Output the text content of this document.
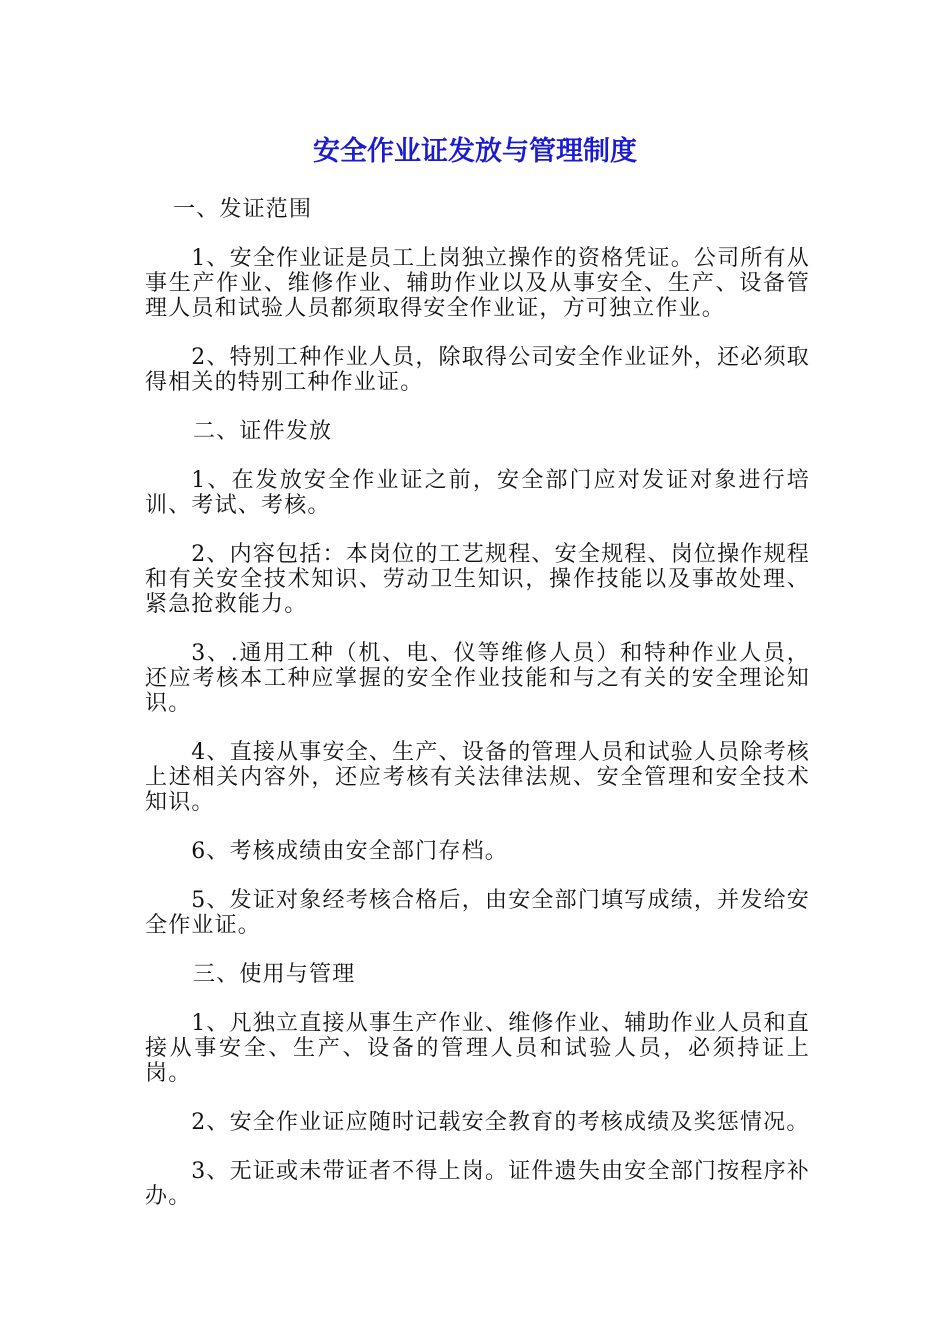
安全作业证发放与管理制度

一、发证范围

1、安全作业证是员工上岗独立操作的资格凭证。公司所有从事生产作业、维修作业、辅助作业以及从事安全、生产、设备管理人员和试验人员都须取得安全作业证，方可独立作业。

2、特别工种作业人员，除取得公司安全作业证外，还必须取得相关的特别工种作业证。

二、证件发放

1、在发放安全作业证之前，安全部门应对发证对象进行培训、考试、考核。

2、内容包括：本岗位的工艺规程、安全规程、岗位操作规程和有关安全技术知识、劳动卫生知识，操作技能以及事故处理、紧急抢救能力。

3、.通用工种（机、电、仪等维修人员）和特种作业人员，还应考核本工种应掌握的安全作业技能和与之有关的安全理论知识。

4、直接从事安全、生产、设备的管理人员和试验人员除考核上述相关内容外，还应考核有关法律法规、安全管理和安全技术知识。

6、考核成绩由安全部门存档。

5、发证对象经考核合格后，由安全部门填写成绩，并发给安全作业证。

三、使用与管理

1、凡独立直接从事生产作业、维修作业、辅助作业人员和直接从事安全、生产、设备的管理人员和试验人员，必须持证上岗。

2、安全作业证应随时记载安全教育的考核成绩及奖惩情况。

3、无证或未带证者不得上岗。证件遗失由安全部门按程序补办。
